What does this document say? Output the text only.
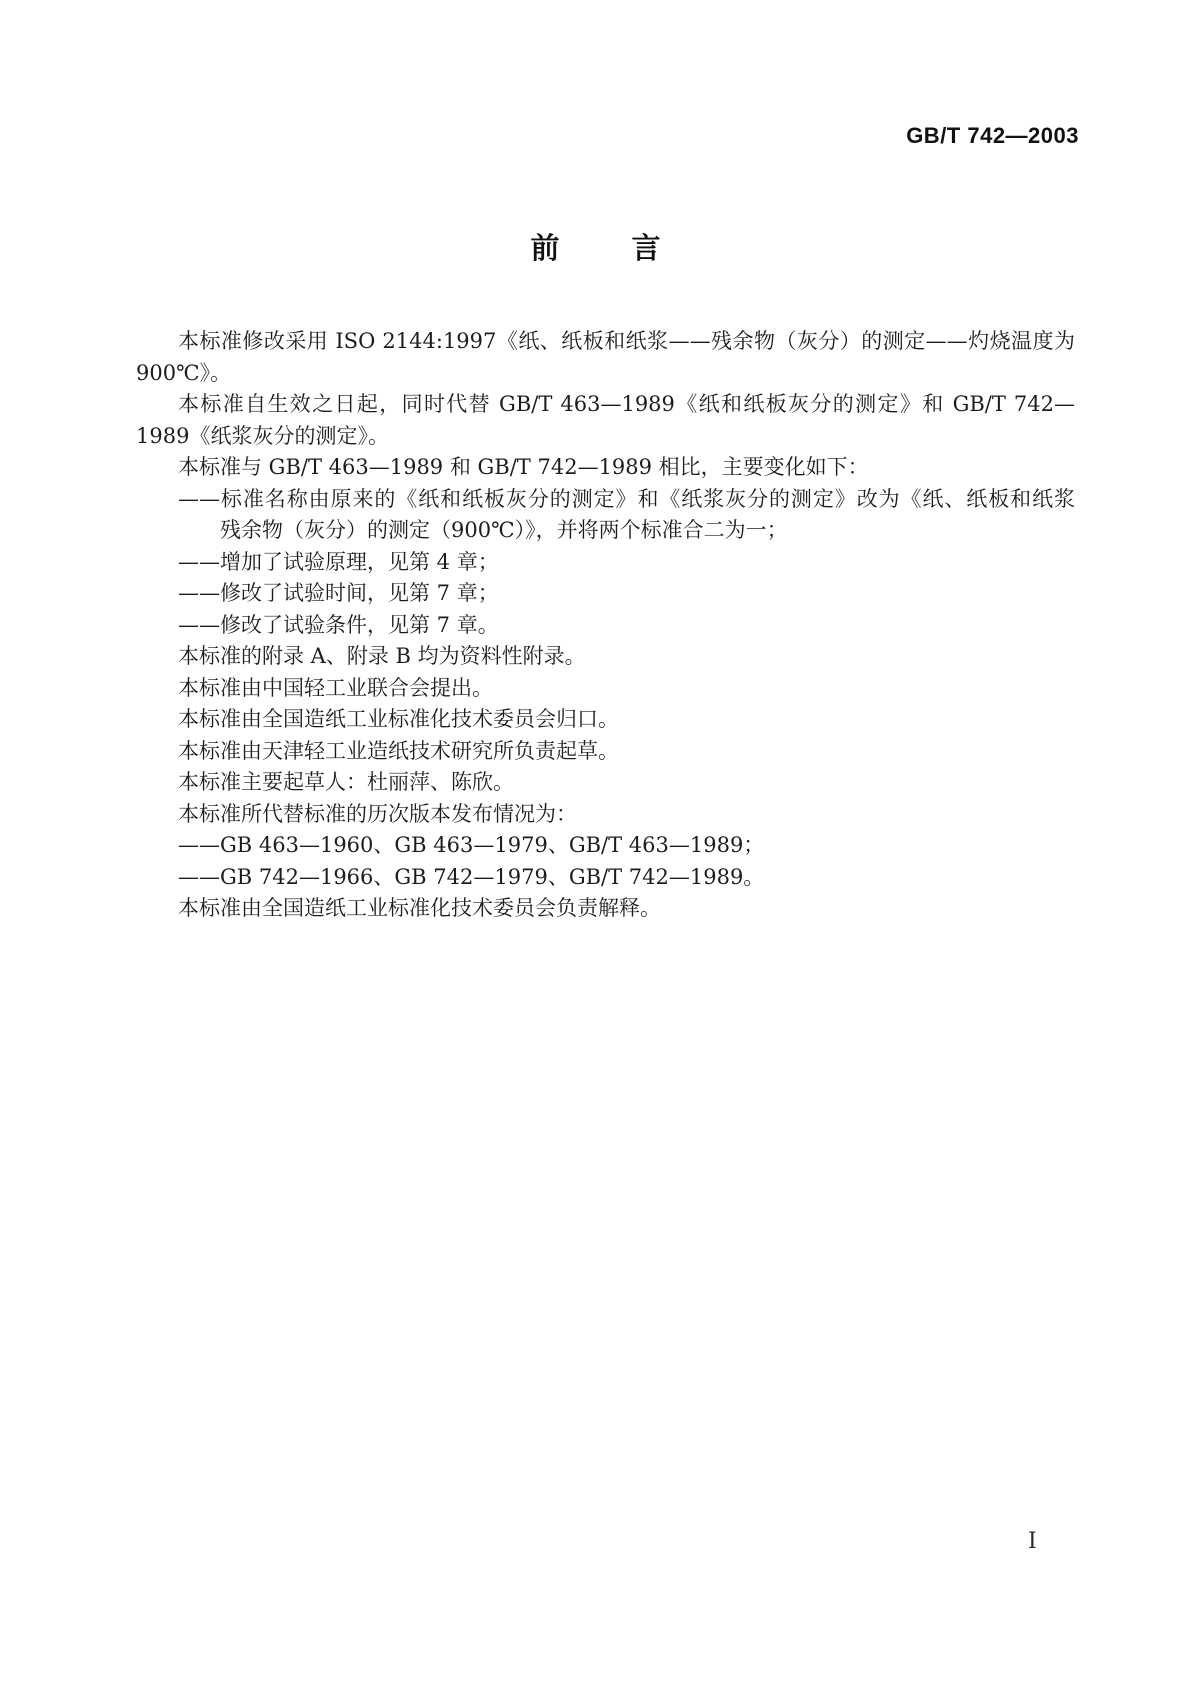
GB/T 742—2003
前 言

本标准修改采用 ISO 2144:1997《纸、纸板和纸浆——残余物（灰分）的测定——灼烧温度为 900℃》。

本标准自生效之日起，同时代替 GB/T 463—1989《纸和纸板灰分的测定》和 GB/T 742—1989《纸浆灰分的测定》。

本标准与 GB/T 463—1989 和 GB/T 742—1989 相比，主要变化如下：

——标准名称由原来的《纸和纸板灰分的测定》和《纸浆灰分的测定》改为《纸、纸板和纸浆　残余物（灰分）的测定（900℃）》，并将两个标准合二为一；

——增加了试验原理，见第 4 章；

——修改了试验时间，见第 7 章；

——修改了试验条件，见第 7 章。

本标准的附录 A、附录 B 均为资料性附录。

本标准由中国轻工业联合会提出。

本标准由全国造纸工业标准化技术委员会归口。

本标准由天津轻工业造纸技术研究所负责起草。

本标准主要起草人：杜丽萍、陈欣。

本标准所代替标准的历次版本发布情况为：

——GB 463—1960、GB 463—1979、GB/T 463—1989；

——GB 742—1966、GB 742—1979、GB/T 742—1989。

本标准由全国造纸工业标准化技术委员会负责解释。

I
